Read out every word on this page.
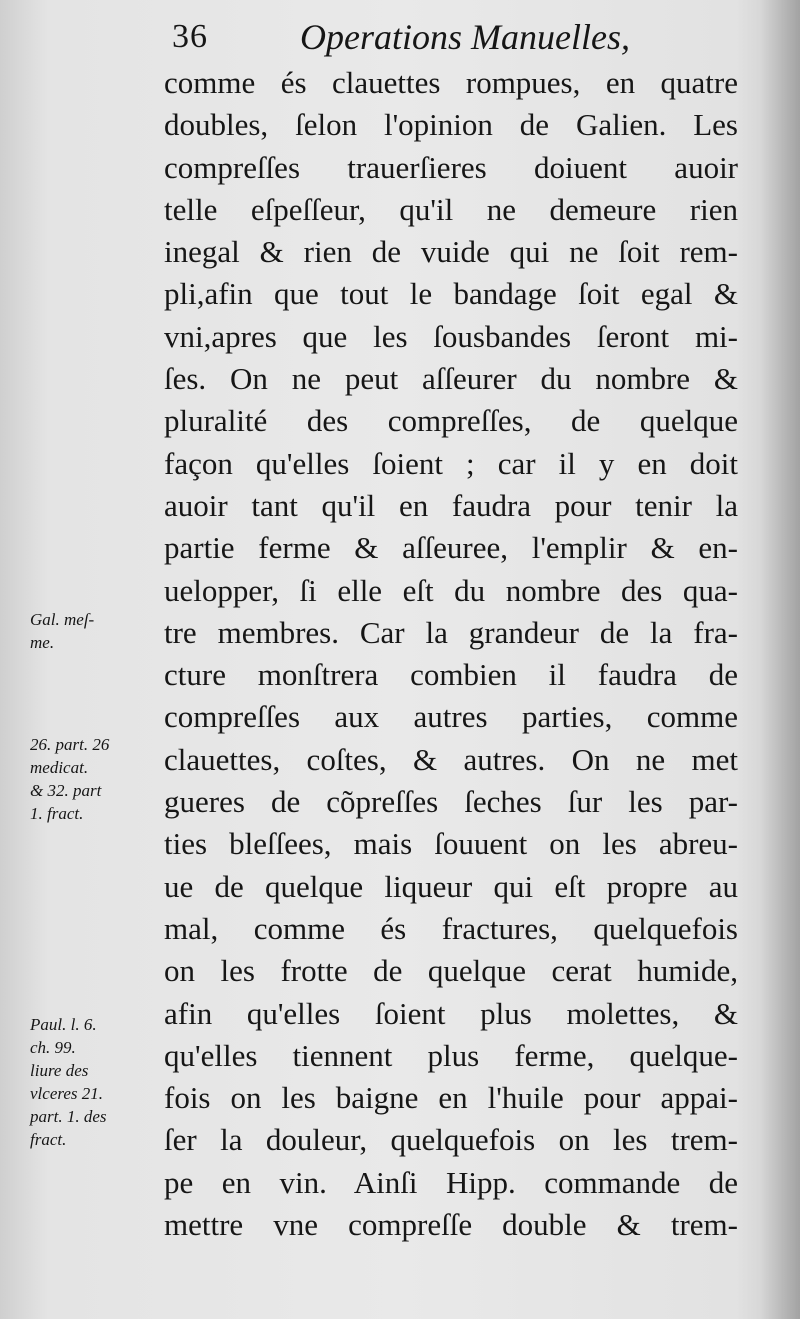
36	Operations Manuelles,
comme és clauettes rompues, en quatre
doubles, ſelon l'opinion de Galien. Les
compreſſes trauerſieres doiuent auoir
telle eſpeſſeur, qu'il ne demeure rien
inegal & rien de vuide qui ne ſoit rem-
pli,afin que tout le bandage ſoit egal &
vni,apres que les ſousbandes ſeront mi-
ſes. On ne peut aſſeurer du nombre &
pluralité des compreſſes, de quelque
façon qu'elles ſoient ; car il y en doit
auoir tant qu'il en faudra pour tenir la
partie ferme & aſſeuree, l'emplir & en-
uelopper, ſi elle eſt du nombre des qua-
tre membres. Car la grandeur de la fra-
cture monſtrera combien il faudra de
compreſſes aux autres parties, comme
clauettes, coſtes, & autres. On ne met
gueres de cõpreſſes ſeches ſur les par-
ties bleſſees, mais ſouuent on les abreu-
ue de quelque liqueur qui eſt propre au
mal, comme és fractures, quelquefois
on les frotte de quelque cerat humide,
afin qu'elles ſoient plus molettes, &
qu'elles tiennent plus ferme, quelque-
fois on les baigne en l'huile pour appai-
ſer la douleur, quelquefois on les trem-
pe en vin. Ainſi Hipp. commande de
mettre vne compreſſe double & trem-
Gal. meſ-
me.
26. part. 26
medicat.
& 32. part
1. fract.
Paul. l. 6.
ch. 99.
liure des
vlceres 21.
part. 1. des
fract.
